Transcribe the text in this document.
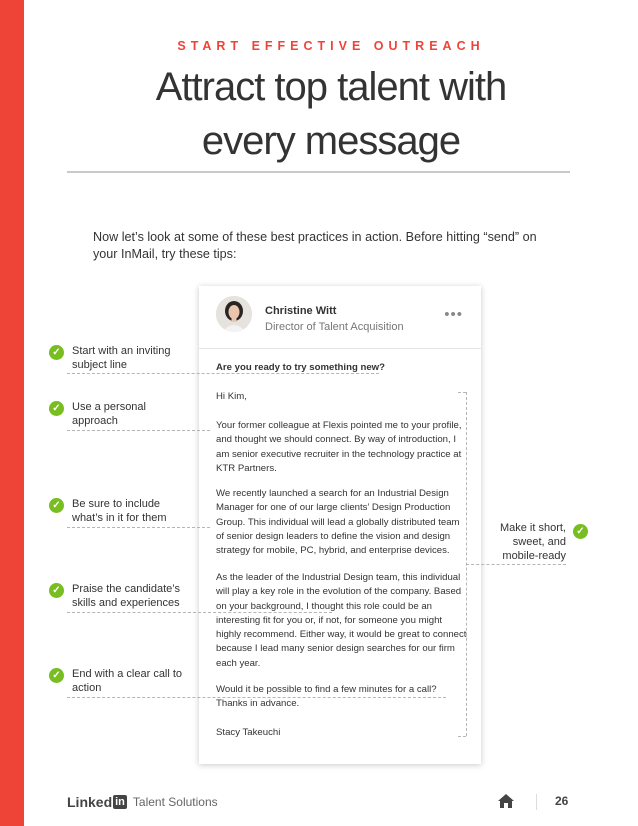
START EFFECTIVE OUTREACH
Attract top talent with
every message
Now let’s look at some of these best practices in action. Before hitting “send” on your InMail, try these tips:
Christine Witt
Director of Talent Acquisition
•••
Are you ready to try something new?
Hi Kim,
Your former colleague at Flexis pointed me to your profile, and thought we should connect. By way of introduction, I am senior executive recruiter in the technology practice at KTR Partners.
We recently launched a search for an Industrial Design Manager for one of our large clients’ Design Production Group. This individual will lead a globally distributed team of senior design leaders to define the vision and design strategy for mobile, PC, hybrid, and enterprise devices.
As the leader of the Industrial Design team, this individual will play a key role in the evolution of the company. Based on your background, I thought this role could be an interesting fit for you or, if not, for someone you might highly recommend. Either way, it would be great to connect because I lead many senior design searches for our firm each year.
Would it be possible to find a few minutes for a call? Thanks in advance.
Stacy Takeuchi
✓	Start with an inviting subject line
✓	Use a personal approach
✓	Be sure to include what’s in it for them
✓	Praise the candidate’s skills and experiences
✓	End with a clear call to action
Make it short, sweet, and mobile-ready
✓
Linked in Talent Solutions	26
